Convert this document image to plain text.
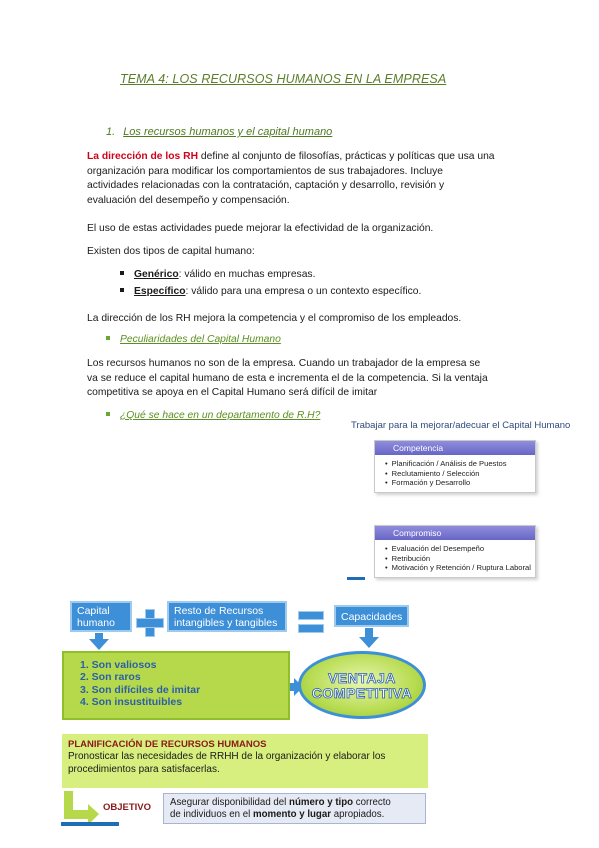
TEMA 4: LOS RECURSOS HUMANOS EN LA EMPRESA
1. Los recursos humanos y el capital humano
La dirección de los RH define al conjunto de filosofías, prácticas y políticas que usa una
organización para modificar los comportamientos de sus trabajadores. Incluye
actividades relacionadas con la contratación, captación y desarrollo, revisión y
evaluación del desempeño y compensación.
El uso de estas actividades puede mejorar la efectividad de la organización.
Existen dos tipos de capital humano:
Genérico: válido en muchas empresas.
Específico: válido para una empresa o un contexto específico.
La dirección de los RH mejora la competencia y el compromiso de los empleados.
Peculiaridades del Capital Humano
Los recursos humanos no son de la empresa. Cuando un trabajador de la empresa se
va se reduce el capital humano de esta e incrementa el de la competencia. Si la ventaja
competitiva se apoya en el Capital Humano será difícil de imitar
¿Qué se hace en un departamento de R.H?
Trabajar para la mejorar/adecuar el Capital Humano
Competencia
• Planificación / Análisis de Puestos
• Reclutamiento / Selección
• Formación y Desarrollo
Compromiso
• Evaluación del Desempeño
• Retribución
• Motivación y Retención / Ruptura Laboral
Capital
humano
Resto de Recursos
intangibles y tangibles	Capacidades
1. Son valiosos
2. Son raros
3. Son difíciles de imitar
4. Son insustituibles
VENTAJA
COMPETITIVA
PLANIFICACIÓN DE RECURSOS HUMANOS
Pronosticar las necesidades de RRHH de la organización y elaborar los
procedimientos para satisfacerlas.
OBJETIVO Asegurar disponibilidad del número y tipo correcto
de individuos en el momento y lugar apropiados.
